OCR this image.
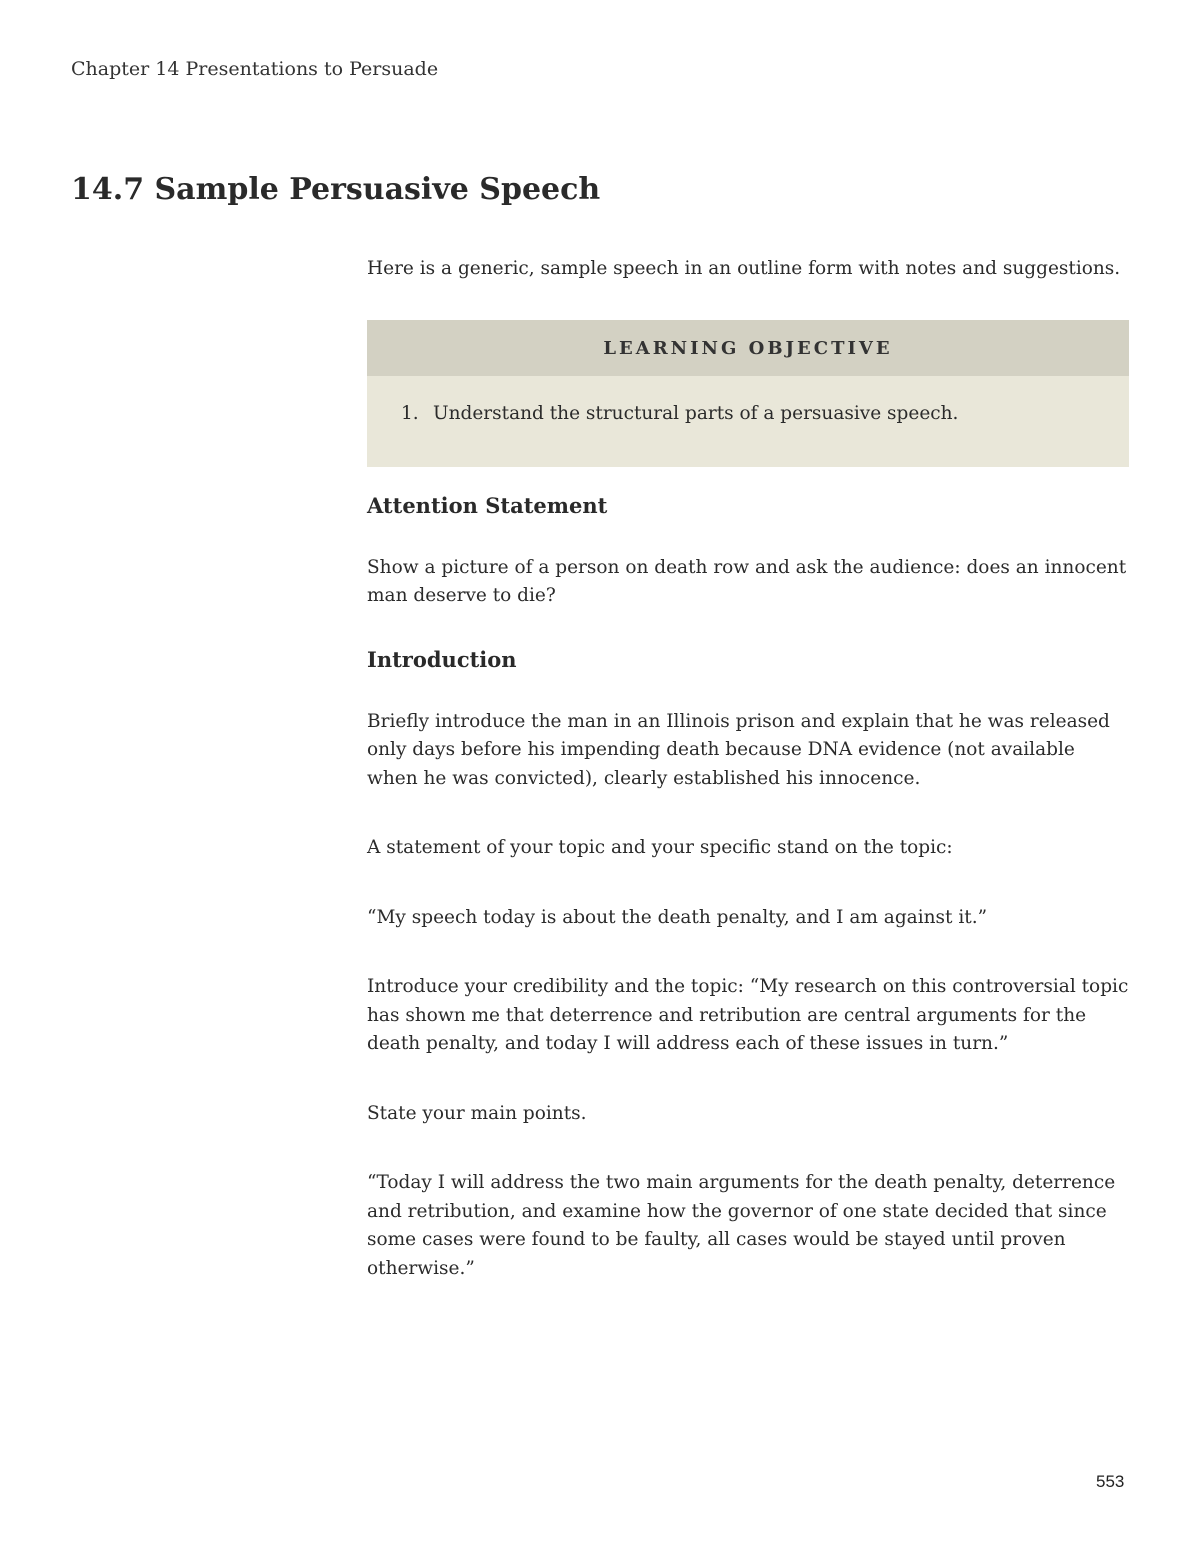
Chapter 14 Presentations to Persuade
14.7 Sample Persuasive Speech

Here is a generic, sample speech in an outline form with notes and suggestions.

LEARNING OBJECTIVE
1. Understand the structural parts of a persuasive speech.
Attention Statement

Show a picture of a person on death row and ask the audience: does an innocent man deserve to die?

Introduction

Briefly introduce the man in an Illinois prison and explain that he was released only days before his impending death because DNA evidence (not available when he was convicted), clearly established his innocence.

A statement of your topic and your specific stand on the topic:

“My speech today is about the death penalty, and I am against it.”

Introduce your credibility and the topic: “My research on this controversial topic has shown me that deterrence and retribution are central arguments for the death penalty, and today I will address each of these issues in turn.”

State your main points.

“Today I will address the two main arguments for the death penalty, deterrence and retribution, and examine how the governor of one state decided that since some cases were found to be faulty, all cases would be stayed until proven otherwise.”

553
